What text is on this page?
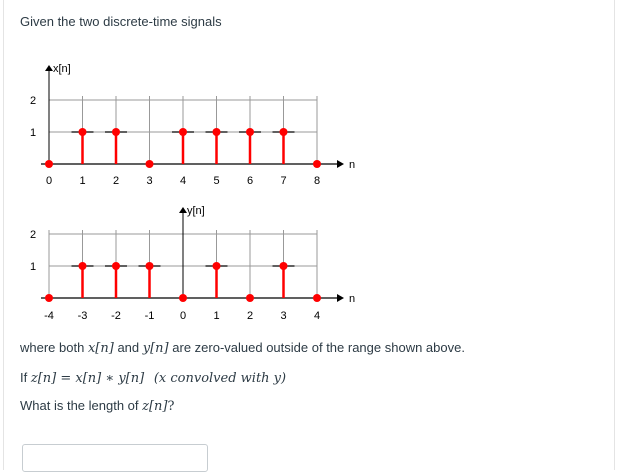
Given the two discrete-time signals
x[n]
n
1
2
0 1 2 3 4 5 6 7 8
y[n]
n
1
2
-4 -3 -2 -1 0 1 2 3 4
where both x[n] and y[n] are zero-valued outside of the range shown above.
If z[n] = x[n] ∗ y[n] (x convolved with y)
What is the length of z[n]?
